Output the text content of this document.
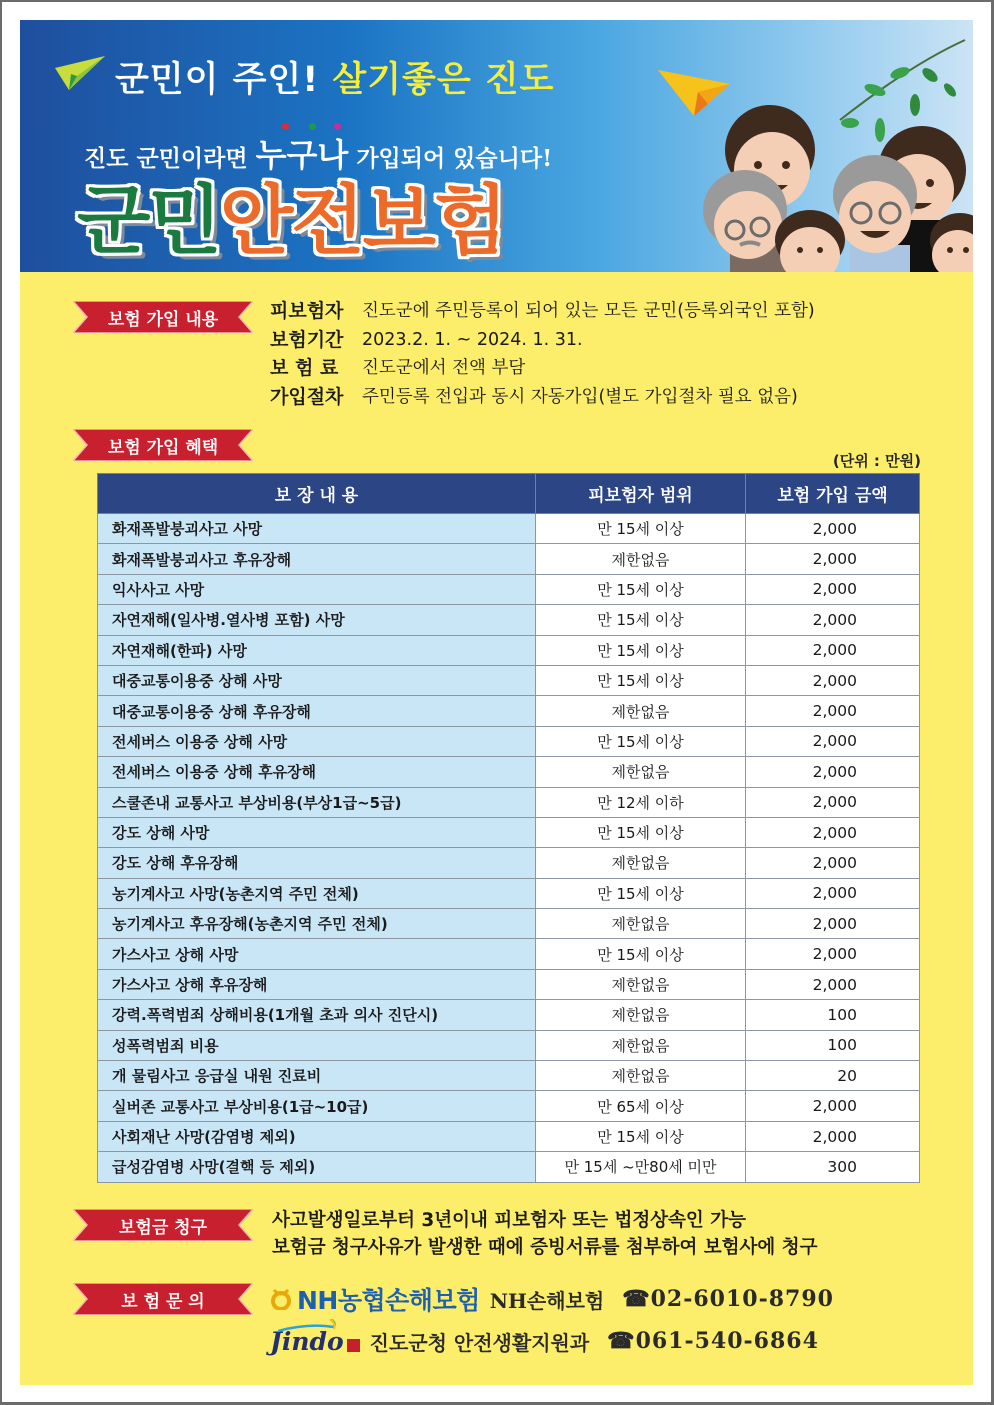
군민이 주인! 살기좋은 진도
진도 군민이라면 누구나 가입되어 있습니다!
군민안전보험
보험 가입 내용	피보험자	진도군에 주민등록이 되어 있는 모든 군민(등록외국인 포함)
보험기간	2023.2. 1. ~ 2024. 1. 31.
보 험 료	진도군에서 전액 부담
가입절차	주민등록 전입과 동시 자동가입(별도 가입절차 필요 없음)
보험 가입 혜택
(단위 : 만원)
보 장 내 용	피보험자 범위	보험 가입 금액
화재폭발붕괴사고 사망	만 15세 이상	2,000
화재폭발붕괴사고 후유장해	제한없음	2,000
익사사고 사망	만 15세 이상	2,000
자연재해(일사병.열사병 포함) 사망	만 15세 이상	2,000
자연재해(한파) 사망	만 15세 이상	2,000
대중교통이용중 상해 사망	만 15세 이상	2,000
대중교통이용중 상해 후유장해	제한없음	2,000
전세버스 이용중 상해 사망	만 15세 이상	2,000
전세버스 이용중 상해 후유장해	제한없음	2,000
스쿨존내 교통사고 부상비용(부상1급~5급)	만 12세 이하	2,000
강도 상해 사망	만 15세 이상	2,000
강도 상해 후유장해	제한없음	2,000
농기계사고 사망(농촌지역 주민 전체)	만 15세 이상	2,000
농기계사고 후유장해(농촌지역 주민 전체)	제한없음	2,000
가스사고 상해 사망	만 15세 이상	2,000
가스사고 상해 후유장해	제한없음	2,000
강력.폭력범죄 상해비용(1개월 초과 의사 진단시)	제한없음	100
성폭력범죄 비용	제한없음	100
개 물림사고 응급실 내원 진료비	제한없음	20
실버존 교통사고 부상비용(1급~10급)	만 65세 이상	2,000
사회재난 사망(감염병 제외)	만 15세 이상	2,000
급성감염병 사망(결핵 등 제외)	만 15세 ~만80세 미만	300
보험금 청구	사고발생일로부터 3년이내 피보험자 또는 법정상속인 가능
보험금 청구사유가 발생한 때에 증빙서류를 첨부하여 보험사에 청구
보 험 문 의	NH농협손해보험 NH손해보험 ☎02-6010-8790
Jindo 진도군청 안전생활지원과 ☎061-540-6864
